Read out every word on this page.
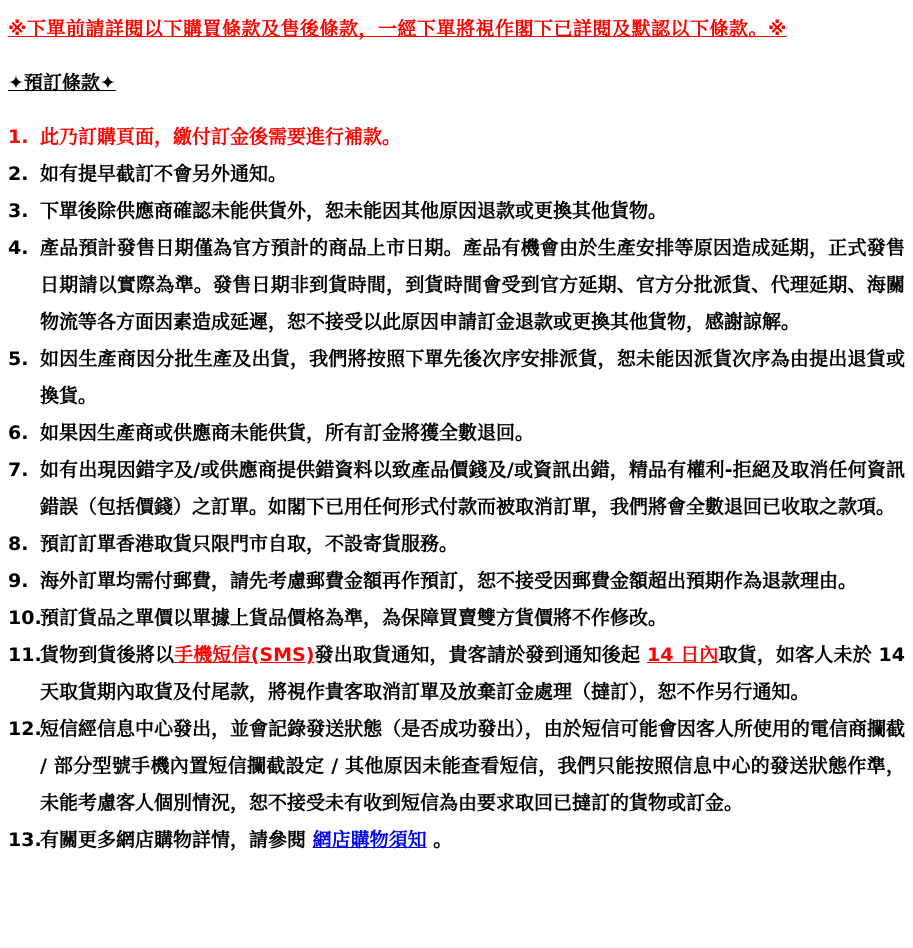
※下單前請詳閱以下購買條款及售後條款，一經下單將視作閣下已詳閱及默認以下條款。※
✦預訂條款✦
1. 此乃訂購頁面，繳付訂金後需要進行補款。
2. 如有提早截訂不會另外通知。
3. 下單後除供應商確認未能供貨外，恕未能因其他原因退款或更換其他貨物。
4. 產品預計發售日期僅為官方預計的商品上市日期。產品有機會由於生產安排等原因造成延期，正式發售日期請以實際為準。發售日期非到貨時間，到貨時間會受到官方延期、官方分批派貨、代理延期、海關物流等各方面因素造成延遲，恕不接受以此原因申請訂金退款或更換其他貨物，感謝諒解。
5. 如因生產商因分批生產及出貨，我們將按照下單先後次序安排派貨，恕未能因派貨次序為由提出退貨或換貨。
6. 如果因生產商或供應商未能供貨，所有訂金將獲全數退回。
7. 如有出現因錯字及/或供應商提供錯資料以致產品價錢及/或資訊出錯，精品有權利-拒絕及取消任何資訊錯誤（包括價錢）之訂單。如閣下已用任何形式付款而被取消訂單，我們將會全數退回已收取之款項。
8. 預訂訂單香港取貨只限門市自取，不設寄貨服務。
9. 海外訂單均需付郵費，請先考慮郵費金額再作預訂，恕不接受因郵費金額超出預期作為退款理由。
10.
預訂貨品之單價以單據上貨品價格為準，為保障買賣雙方貨價將不作修改。
11.
貨物到貨後將以手機短信(SMS)發出取貨通知，貴客請於發到通知後起 14 日內取貨，如客人未於 14 天取貨期內取貨及付尾款，將視作貴客取消訂單及放棄訂金處理（撻訂），恕不作另行通知。
12.
短信經信息中心發出，並會記錄發送狀態（是否成功發出），由於短信可能會因客人所使用的電信商攔截 / 部分型號手機內置短信攔截設定 / 其他原因未能查看短信，我們只能按照信息中心的發送狀態作準，未能考慮客人個別情況，恕不接受未有收到短信為由要求取回已撻訂的貨物或訂金。
13.
有關更多網店購物詳情，請參閱 網店購物須知 。
